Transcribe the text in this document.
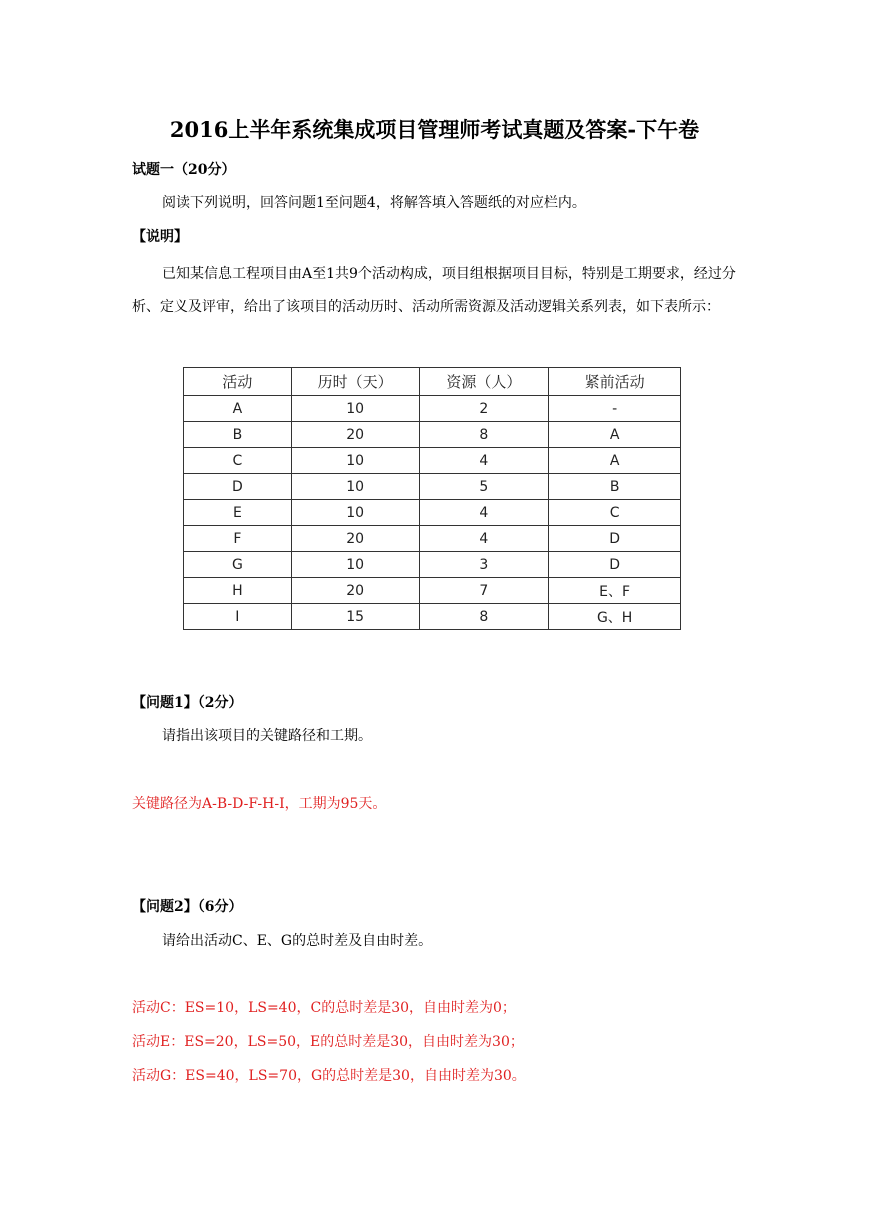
2016上半年系统集成项目管理师考试真题及答案-下午卷

试题一（20分）

阅读下列说明，回答问题1至问题4，将解答填入答题纸的对应栏内。

【说明】

已知某信息工程项目由A至1共9个活动构成，项目组根据项目目标，特别是工期要求，经过分析、定义及评审，给出了该项目的活动历时、活动所需资源及活动逻辑关系列表，如下表所示：

活动	历时（天）	资源（人）	紧前活动
A	10	2	-
B	20	8	A
C	10	4	A
D	10	5	B
E	10	4	C
F	20	4	D
G	10	3	D
H	20	7	E、F
I	15	8	G、H

【问题1】（2分）

请指出该项目的关键路径和工期。

关键路径为A-B-D-F-H-I，工期为95天。

【问题2】（6分）

请给出活动C、E、G的总时差及自由时差。

活动C：ES=10，LS=40，C的总时差是30，自由时差为0；

活动E：ES=20，LS=50，E的总时差是30，自由时差为30；

活动G：ES=40，LS=70，G的总时差是30，自由时差为30。
